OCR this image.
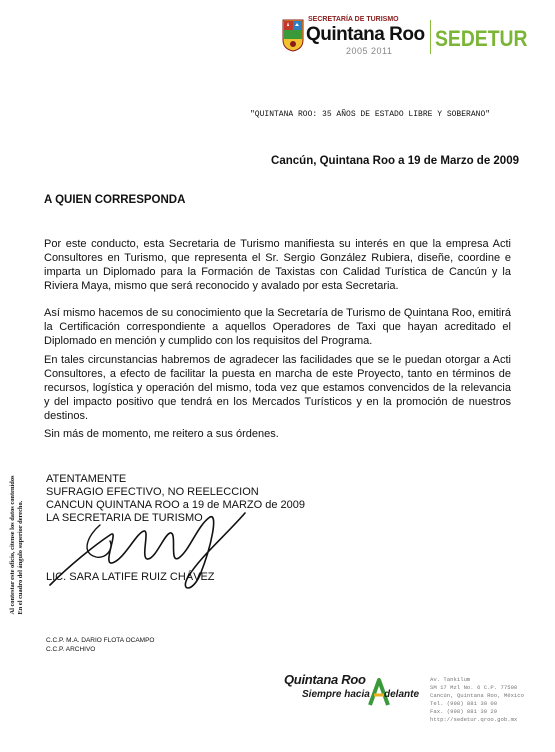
SECRETARÍA DE TURISMO
Quintana Roo
2005 2011 SEDETUR
"QUINTANA ROO: 35 AÑOS DE ESTADO LIBRE Y SOBERANO"
Cancún, Quintana Roo a 19 de Marzo de 2009
A QUIEN CORRESPONDA
Por este conducto, esta Secretaria de Turismo manifiesta su interés en que la empresa Acti Consultores en Turismo, que representa el Sr. Sergio González Rubiera, diseñe, coordine e imparta un Diplomado para la Formación de Taxistas con Calidad Turística de Cancún y la Riviera Maya, mismo que será reconocido y avalado por esta Secretaria.
Así mismo hacemos de su conocimiento que la Secretaría de Turismo de Quintana Roo, emitirá la Certificación correspondiente a aquellos Operadores de Taxi que hayan acreditado el Diplomado en mención y cumplido con los requisitos del Programa.
En tales circunstancias habremos de agradecer las facilidades que se le puedan otorgar a Acti Consultores, a efecto de facilitar la puesta en marcha de este Proyecto, tanto en términos de recursos, logística y operación del mismo, toda vez que estamos convencidos de la relevancia y del impacto positivo que tendrá en los Mercados Turísticos y en la promoción de nuestros destinos.
Sin más de momento, me reitero a sus órdenes.
ATENTAMENTE
SUFRAGIO EFECTIVO, NO REELECCION
CANCUN QUINTANA ROO a 19 de MARZO de 2009
LA SECRETARIA DE TURISMO
LIC. SARA LATIFE RUIZ CHÁVEZ
Al contestar este oficio, citense los datos contenidos En el cuadro del ángulo superior derecho.
C.C.P. M.A. DARIO FLOTA OCAMPO
C.C.P. ARCHIVO
Quintana Roo
Siempre hacia delante
Av. Tankilum
SM 17 Mzl No. 6 C.P. 77500
Cancún, Quintana Roo, México
Tel. (998) 881 30 00
Fax. (998) 881 30 29
http://sedetur.qroo.gob.mx
